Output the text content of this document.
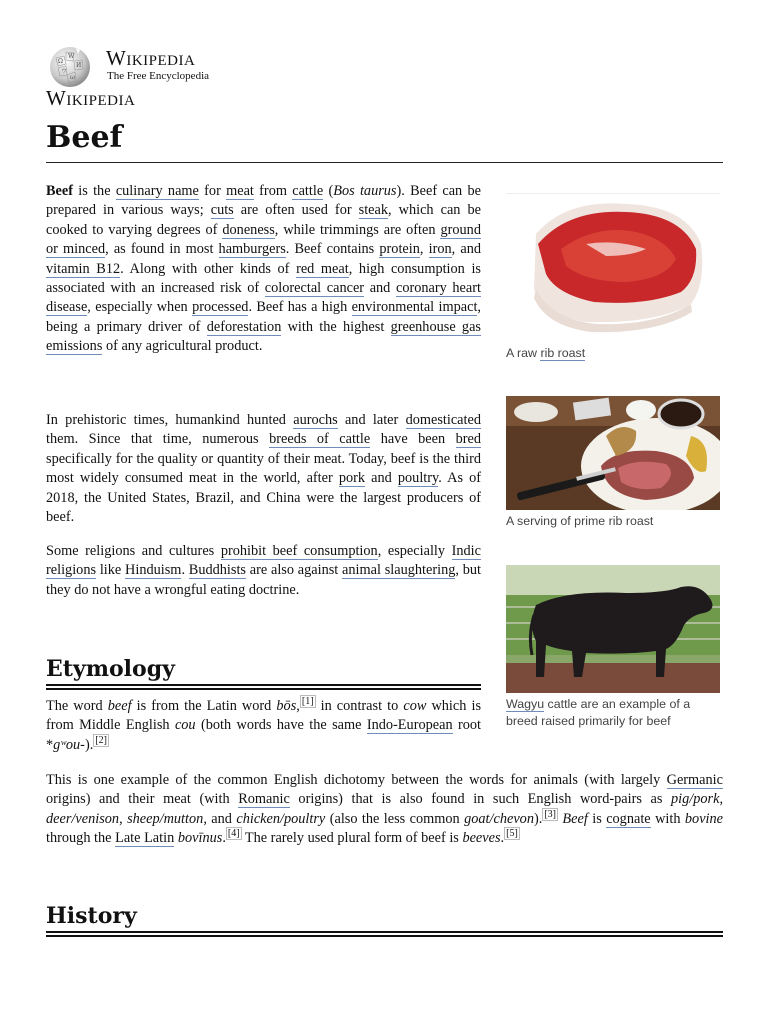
Ω
W
И
ウ
ω
Wikipedia
The Free Encyclopedia
Wikipedia
Beef

Beef is the culinary name for meat from cattle (Bos taurus). Beef can be prepared in various ways; cuts are often used for steak, which can be cooked to varying degrees of doneness, while trimmings are often ground or minced, as found in most hamburgers. Beef contains protein, iron, and vitamin B12. Along with other kinds of red meat, high consumption is associated with an increased risk of colorectal cancer and coronary heart disease, especially when processed. Beef has a high environmental impact, being a primary driver of deforestation with the highest greenhouse gas emissions of any agricultural product.

In prehistoric times, humankind hunted aurochs and later domesticated them. Since that time, numerous breeds of cattle have been bred specifically for the quality or quantity of their meat. Today, beef is the third most widely consumed meat in the world, after pork and poultry. As of 2018, the United States, Brazil, and China were the largest producers of beef.

Some religions and cultures prohibit beef consumption, especially Indic religions like Hinduism. Buddhists are also against animal slaughtering, but they do not have a wrongful eating doctrine.

Etymology

The word beef is from the Latin word bōs, [1] in contrast to cow which is from Middle English cou (both words have the same Indo-European root *gʷou-). [2]

This is one example of the common English dichotomy between the words for animals (with largely Germanic origins) and their meat (with Romanic origins) that is also found in such English word-pairs as pig/pork, deer/venison, sheep/mutton, and chicken/poultry (also the less common goat/chevon). [3] Beef is cognate with bovine through the Late Latin bovīnus. [4] The rarely used plural form of beef is beeves. [5]

History
A raw rib roast
A serving of prime rib roast
Wagyu cattle are an example of a breed raised primarily for beef
